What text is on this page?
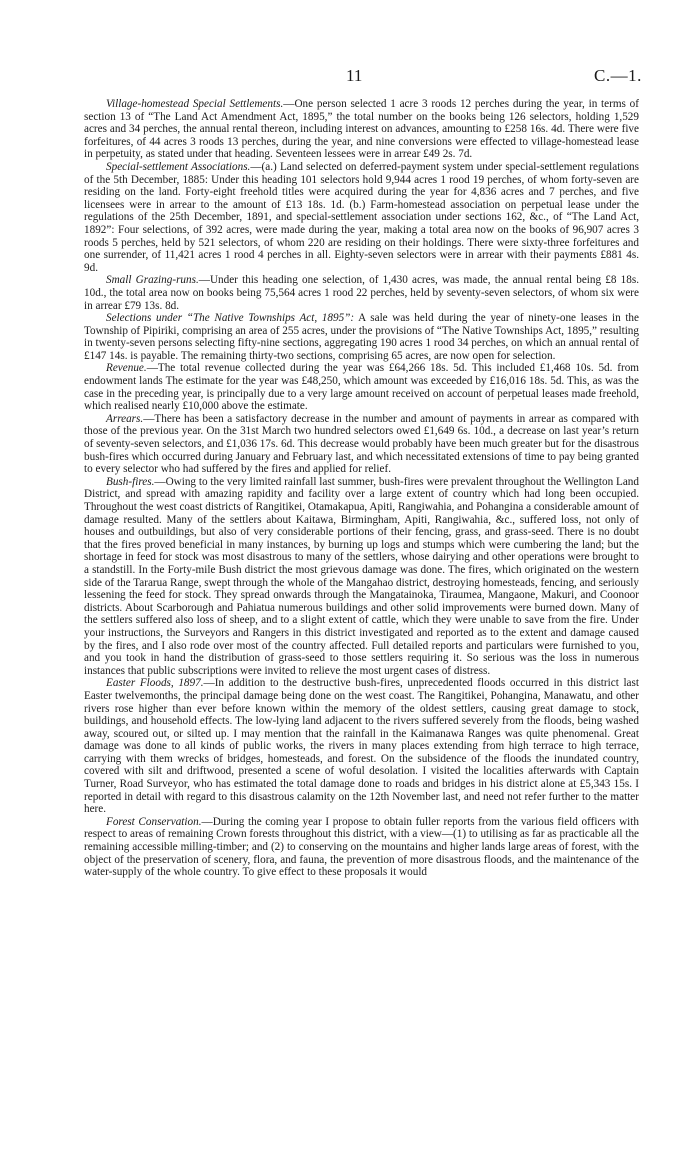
11	C.—1.

Village-homestead Special Settlements.—One person selected 1 acre 3 roods 12 perches during the year, in terms of section 13 of “The Land Act Amendment Act, 1895,” the total number on the books being 126 selectors, holding 1,529 acres and 34 perches, the annual rental thereon, including interest on advances, amounting to £258 16s. 4d. There were five forfeitures, of 44 acres 3 roods 13 perches, during the year, and nine conversions were effected to village-homestead lease in perpetuity, as stated under that heading. Seventeen lessees were in arrear £49 2s. 7d.

Special-settlement Associations.—(a.) Land selected on deferred-payment system under special-settlement regulations of the 5th December, 1885: Under this heading 101 selectors hold 9,944 acres 1 rood 19 perches, of whom forty-seven are residing on the land. Forty-eight freehold titles were acquired during the year for 4,836 acres and 7 perches, and five licensees were in arrear to the amount of £13 18s. 1d. (b.) Farm-homestead association on perpetual lease under the regulations of the 25th December, 1891, and special-settlement association under sections 162, &c., of “The Land Act, 1892”: Four selections, of 392 acres, were made during the year, making a total area now on the books of 96,907 acres 3 roods 5 perches, held by 521 selectors, of whom 220 are residing on their holdings. There were sixty-three forfeitures and one surrender, of 11,421 acres 1 rood 4 perches in all. Eighty-seven selectors were in arrear with their payments £881 4s. 9d.

Small Grazing-runs.—Under this heading one selection, of 1,430 acres, was made, the annual rental being £8 18s. 10d., the total area now on books being 75,564 acres 1 rood 22 perches, held by seventy-seven selectors, of whom six were in arrear £79 13s. 8d.

Selections under “The Native Townships Act, 1895”: A sale was held during the year of ninety-one leases in the Township of Pipiriki, comprising an area of 255 acres, under the provisions of “The Native Townships Act, 1895,” resulting in twenty-seven persons selecting fifty-nine sections, aggregating 190 acres 1 rood 34 perches, on which an annual rental of £147 14s. is payable. The remaining thirty-two sections, comprising 65 acres, are now open for selection.

Revenue.—The total revenue collected during the year was £64,266 18s. 5d. This included £1,468 10s. 5d. from endowment lands The estimate for the year was £48,250, which amount was exceeded by £16,016 18s. 5d. This, as was the case in the preceding year, is principally due to a very large amount received on account of perpetual leases made freehold, which realised nearly £10,000 above the estimate.

Arrears.—There has been a satisfactory decrease in the number and amount of payments in arrear as compared with those of the previous year. On the 31st March two hundred selectors owed £1,649 6s. 10d., a decrease on last year’s return of seventy-seven selectors, and £1,036 17s. 6d. This decrease would probably have been much greater but for the disastrous bush-fires which occurred during January and February last, and which necessitated extensions of time to pay being granted to every selector who had suffered by the fires and applied for relief.

Bush-fires.—Owing to the very limited rainfall last summer, bush-fires were prevalent throughout the Wellington Land District, and spread with amazing rapidity and facility over a large extent of country which had long been occupied. Throughout the west coast districts of Rangitikei, Otamakapua, Apiti, Rangiwahia, and Pohangina a considerable amount of damage resulted. Many of the settlers about Kaitawa, Birmingham, Apiti, Rangiwahia, &c., suffered loss, not only of houses and outbuildings, but also of very considerable portions of their fencing, grass, and grass-seed. There is no doubt that the fires proved beneficial in many instances, by burning up logs and stumps which were cumbering the land; but the shortage in feed for stock was most disastrous to many of the settlers, whose dairying and other operations were brought to a standstill. In the Forty-mile Bush district the most grievous damage was done. The fires, which originated on the western side of the Tararua Range, swept through the whole of the Mangahao district, destroying homesteads, fencing, and seriously lessening the feed for stock. They spread onwards through the Mangatainoka, Tiraumea, Mangaone, Makuri, and Coonoor districts. About Scarborough and Pahiatua numerous buildings and other solid improvements were burned down. Many of the settlers suffered also loss of sheep, and to a slight extent of cattle, which they were unable to save from the fire. Under your instructions, the Surveyors and Rangers in this district investigated and reported as to the extent and damage caused by the fires, and I also rode over most of the country affected. Full detailed reports and particulars were furnished to you, and you took in hand the distribution of grass-seed to those settlers requiring it. So serious was the loss in numerous instances that public subscriptions were invited to relieve the most urgent cases of distress.

Easter Floods, 1897.—In addition to the destructive bush-fires, unprecedented floods occurred in this district last Easter twelvemonths, the principal damage being done on the west coast. The Rangitikei, Pohangina, Manawatu, and other rivers rose higher than ever before known within the memory of the oldest settlers, causing great damage to stock, buildings, and household effects. The low-lying land adjacent to the rivers suffered severely from the floods, being washed away, scoured out, or silted up. I may mention that the rainfall in the Kaimanawa Ranges was quite phenomenal. Great damage was done to all kinds of public works, the rivers in many places extending from high terrace to high terrace, carrying with them wrecks of bridges, homesteads, and forest. On the subsidence of the floods the inundated country, covered with silt and driftwood, presented a scene of woful desolation. I visited the localities afterwards with Captain Turner, Road Surveyor, who has estimated the total damage done to roads and bridges in his district alone at £5,343 15s. I reported in detail with regard to this disastrous calamity on the 12th November last, and need not refer further to the matter here.

Forest Conservation.—During the coming year I propose to obtain fuller reports from the various field officers with respect to areas of remaining Crown forests throughout this district, with a view—(1) to utilising as far as practicable all the remaining accessible milling-timber; and (2) to conserving on the mountains and higher lands large areas of forest, with the object of the preservation of scenery, flora, and fauna, the prevention of more disastrous floods, and the maintenance of the water-supply of the whole country. To give effect to these proposals it would
